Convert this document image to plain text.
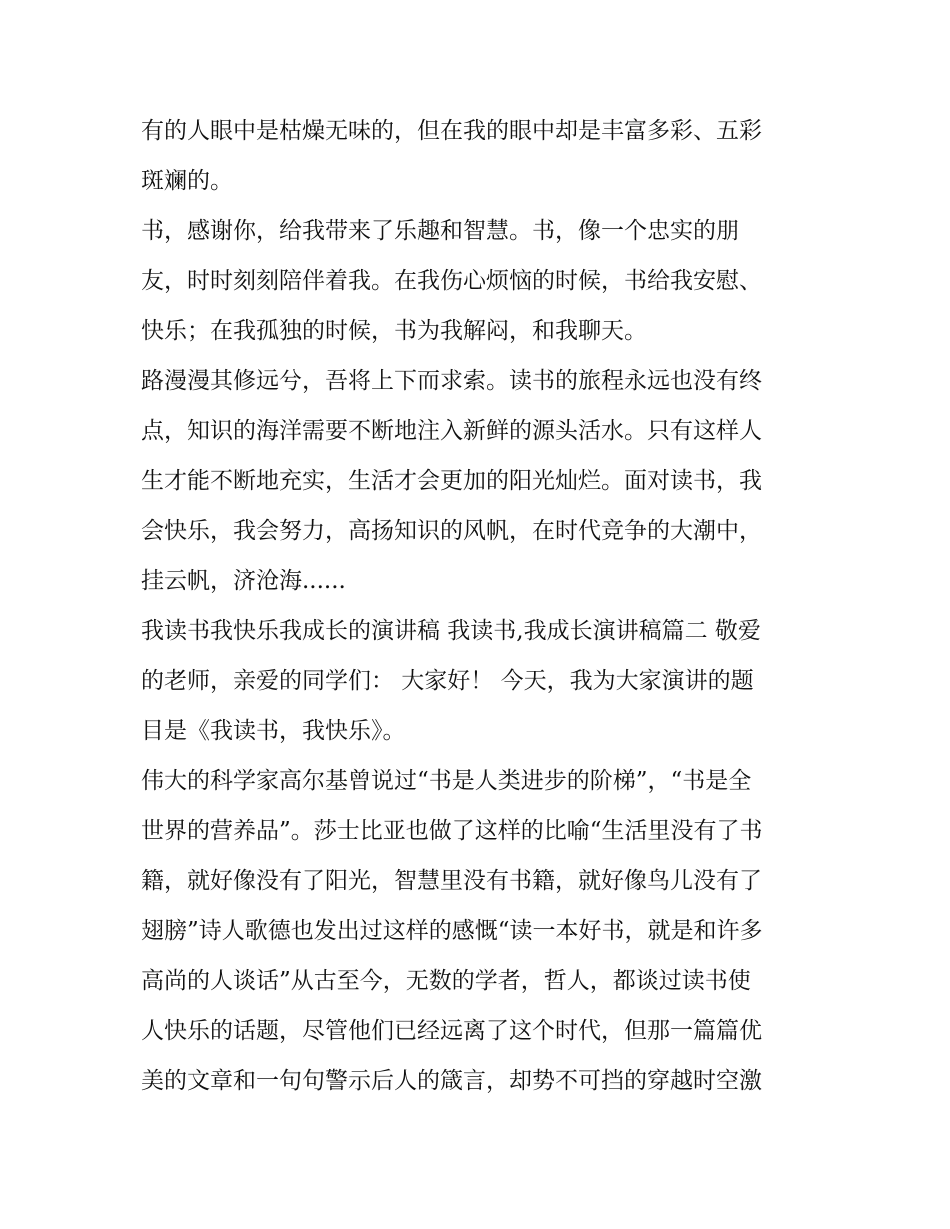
有的人眼中是枯燥无味的，但在我的眼中却是丰富多彩、五彩
斑斓的。
书，感谢你，给我带来了乐趣和智慧。书，像一个忠实的朋
友，时时刻刻陪伴着我。在我伤心烦恼的时候，书给我安慰、
快乐；在我孤独的时候，书为我解闷，和我聊天。
路漫漫其修远兮，吾将上下而求索。读书的旅程永远也没有终
点，知识的海洋需要不断地注入新鲜的源头活水。只有这样人
生才能不断地充实，生活才会更加的阳光灿烂。面对读书，我
会快乐，我会努力，高扬知识的风帆，在时代竞争的大潮中，
挂云帆，济沧海......
我读书我快乐我成长的演讲稿 我读书,我成长演讲稿篇二 敬爱
的老师，亲爱的同学们： 大家好！ 今天，我为大家演讲的题
目是《我读书，我快乐》。
伟大的科学家高尔基曾说过“书是人类进步的阶梯”，“书是全
世界的营养品”。莎士比亚也做了这样的比喻“生活里没有了书
籍，就好像没有了阳光，智慧里没有书籍，就好像鸟儿没有了
翅膀”诗人歌德也发出过这样的感慨“读一本好书，就是和许多
高尚的人谈话”从古至今，无数的学者，哲人，都谈过读书使
人快乐的话题，尽管他们已经远离了这个时代，但那一篇篇优
美的文章和一句句警示后人的箴言，却势不可挡的穿越时空激
